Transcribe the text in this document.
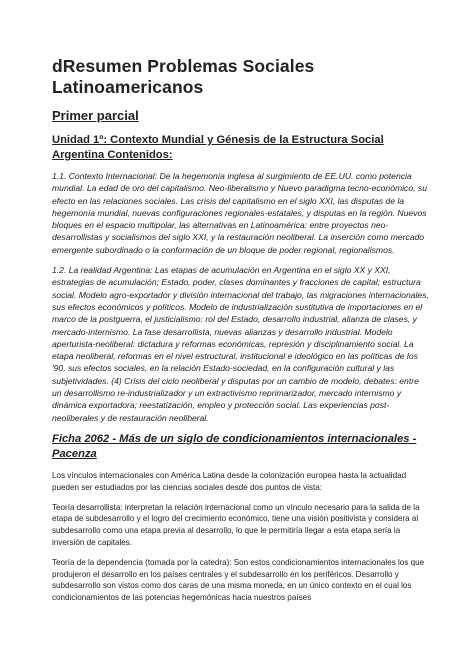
dResumen Problemas Sociales Latinoamericanos
Primer parcial
Unidad 1º: Contexto Mundial y Génesis de la Estructura Social Argentina Contenidos:

1.1. Contexto Internacional: De la hegemonía inglesa al surgimiento de EE.UU. como potencia mundial. La edad de oro del capitalismo. Neo-liberalismo y Nuevo paradigma tecno-económico, su efecto en las relaciones sociales. Las crisis del capitalismo en el siglo XXI, las disputas de la hegemonía mundial, nuevas configuraciones regionales-estatales, y disputas en la región. Nuevos bloques en el espacio multipolar, las alternativas en Latinoamérica: entre proyectos neo-desarrollistas y socialismos del siglo XXI, y la restauración neoliberal. La inserción como mercado emergente subordinado o la conformación de un bloque de poder regional, regionalismos.

1.2. La realidad Argentina: Las etapas de acumulación en Argentina en el siglo XX y XXI, estrategias de acumulación; Estado, poder, clases dominantes y fracciones de capital; estructura social. Modelo agro-exportador y división internacional del trabajo, las migraciones internacionales, sus efectos económicos y políticos. Modelo de industrialización sustitutiva de importaciones en el marco de la postguerra, el justicialismo: rol del Estado, desarrollo industrial, alianza de clases, y mercado-internismo. La fase desarrollista, nuevas alianzas y desarrollo industrial. Modelo aperturista-neoliberal: dictadura y reformas económicas, represión y disciplinamiento social. La etapa neoliberal, reformas en el nivel estructural, institucional e ideológico en las políticas de los '90, sus efectos sociales, en la relación Estado-sociedad, en la configuración cultural y las subjetividades. (4) Crisis del ciclo neoliberal y disputas por un cambio de modelo, debates: entre un desarrollismo re-industrializador y un extractivismo reprimarizador, mercado internismo y dinámica exportadora; reestatización, empleo y protección social. Las experiencias post-neoliberales y de restauración neoliberal.

Ficha 2062 - Más de un siglo de condicionamientos internacionales - Pacenza

Los vínculos internacionales con América Latina desde la colonización europea hasta la actualidad pueden ser estudiados por las ciencias sociales desde dos puntos de vista:

Teoría desarrollista: interpretan la relación internacional como un vínculo necesario para la salida de la etapa de subdesarrollo y el logro del crecimiento económico, tiene una visión positivista y considera al subdesarrollo como una etapa previa al desarrollo, lo que le permitiría llegar a esta etapa sería la inversión de capitales.

Teoría de la dependencia (tomada por la catedra): Son estos condicionamientos internacionales los que produjeron el desarrollo en los países centrales y el subdesarrollo en los periféricos. Desarrollo y subdesarrollo son vistos como dos caras de una misma moneda, en un único contexto en el cual los condicionamientos de las potencias hegemónicas hacia nuestros países
